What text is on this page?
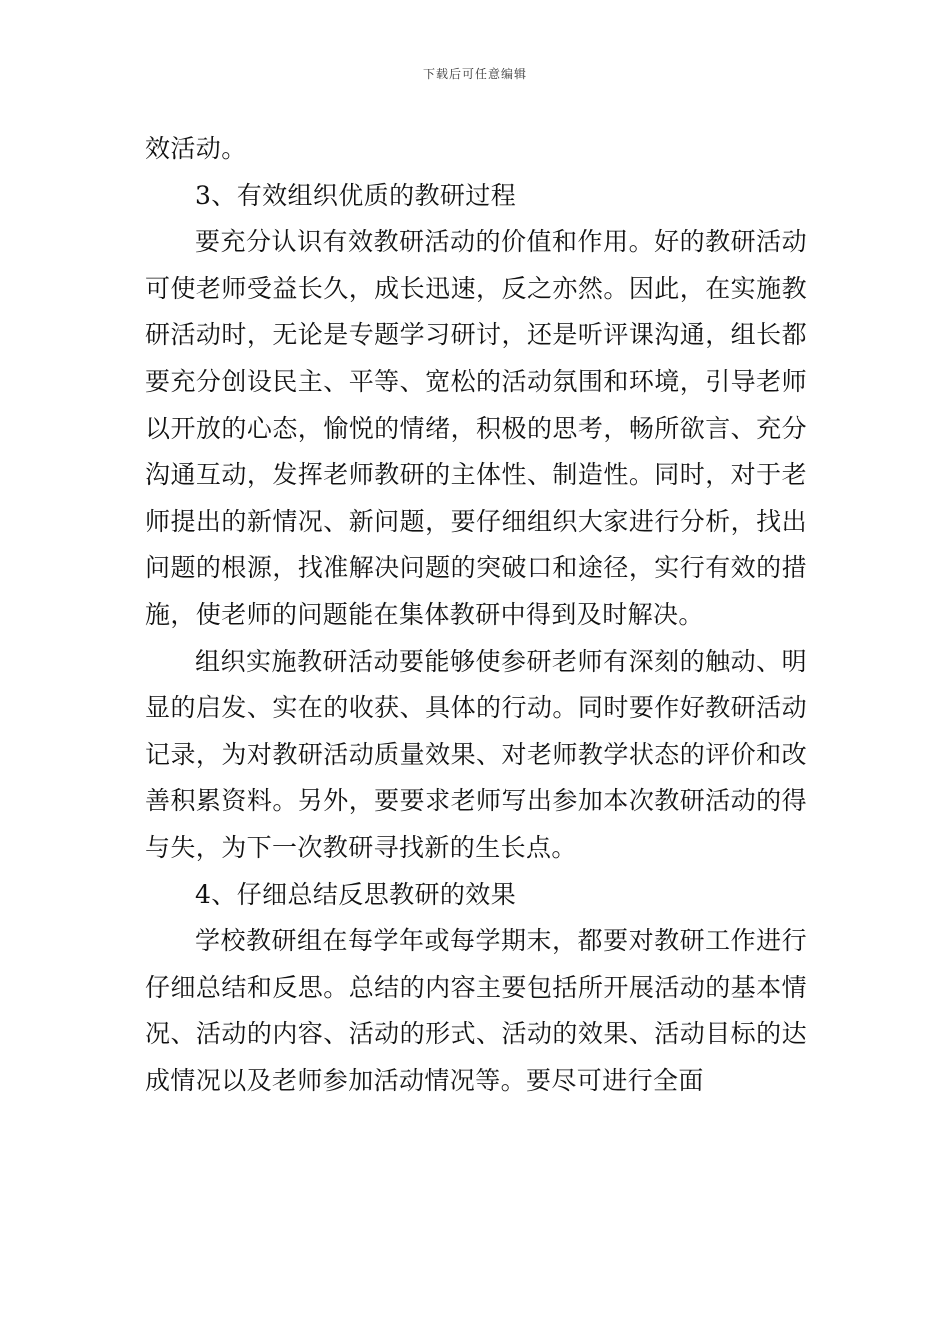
下载后可任意编辑

效活动。

3、有效组织优质的教研过程

要充分认识有效教研活动的价值和作用。好的教研活动可使老师受益长久，成长迅速，反之亦然。因此，在实施教研活动时，无论是专题学习研讨，还是听评课沟通，组长都要充分创设民主、平等、宽松的活动氛围和环境，引导老师以开放的心态，愉悦的情绪，积极的思考，畅所欲言、充分沟通互动，发挥老师教研的主体性、制造性。同时，对于老师提出的新情况、新问题，要仔细组织大家进行分析，找出问题的根源，找准解决问题的突破口和途径，实行有效的措施，使老师的问题能在集体教研中得到及时解决。

组织实施教研活动要能够使参研老师有深刻的触动、明显的启发、实在的收获、具体的行动。同时要作好教研活动记录，为对教研活动质量效果、对老师教学状态的评价和改善积累资料。另外，要要求老师写出参加本次教研活动的得与失，为下一次教研寻找新的生长点。

4、仔细总结反思教研的效果

学校教研组在每学年或每学期末，都要对教研工作进行仔细总结和反思。总结的内容主要包括所开展活动的基本情况、活动的内容、活动的形式、活动的效果、活动目标的达成情况以及老师参加活动情况等。要尽可进行全面
